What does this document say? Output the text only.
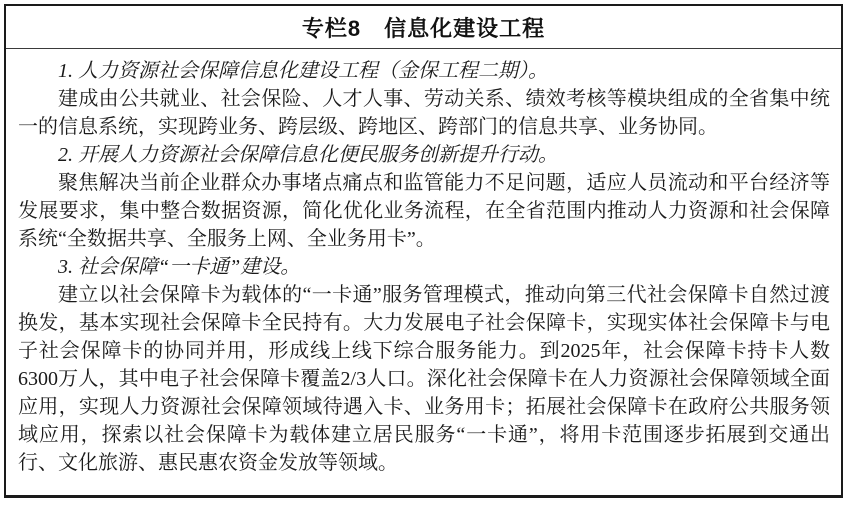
专栏8　信息化建设工程

1. 人力资源社会保障信息化建设工程（金保工程二期）。

建成由公共就业、社会保险、人才人事、劳动关系、绩效考核等模块组成的全省集中统一的信息系统，实现跨业务、跨层级、跨地区、跨部门的信息共享、业务协同。

2. 开展人力资源社会保障信息化便民服务创新提升行动。

聚焦解决当前企业群众办事堵点痛点和监管能力不足问题，适应人员流动和平台经济等发展要求，集中整合数据资源，简化优化业务流程，在全省范围内推动人力资源和社会保障系统“全数据共享、全服务上网、全业务用卡”。

3. 社会保障“一卡通”建设。

建立以社会保障卡为载体的“一卡通”服务管理模式，推动向第三代社会保障卡自然过渡换发，基本实现社会保障卡全民持有。大力发展电子社会保障卡，实现实体社会保障卡与电子社会保障卡的协同并用，形成线上线下综合服务能力。到2025年，社会保障卡持卡人数6300万人，其中电子社会保障卡覆盖2/3人口。深化社会保障卡在人力资源社会保障领域全面应用，实现人力资源社会保障领域待遇入卡、业务用卡；拓展社会保障卡在政府公共服务领域应用，探索以社会保障卡为载体建立居民服务“一卡通”，将用卡范围逐步拓展到交通出行、文化旅游、惠民惠农资金发放等领域。
